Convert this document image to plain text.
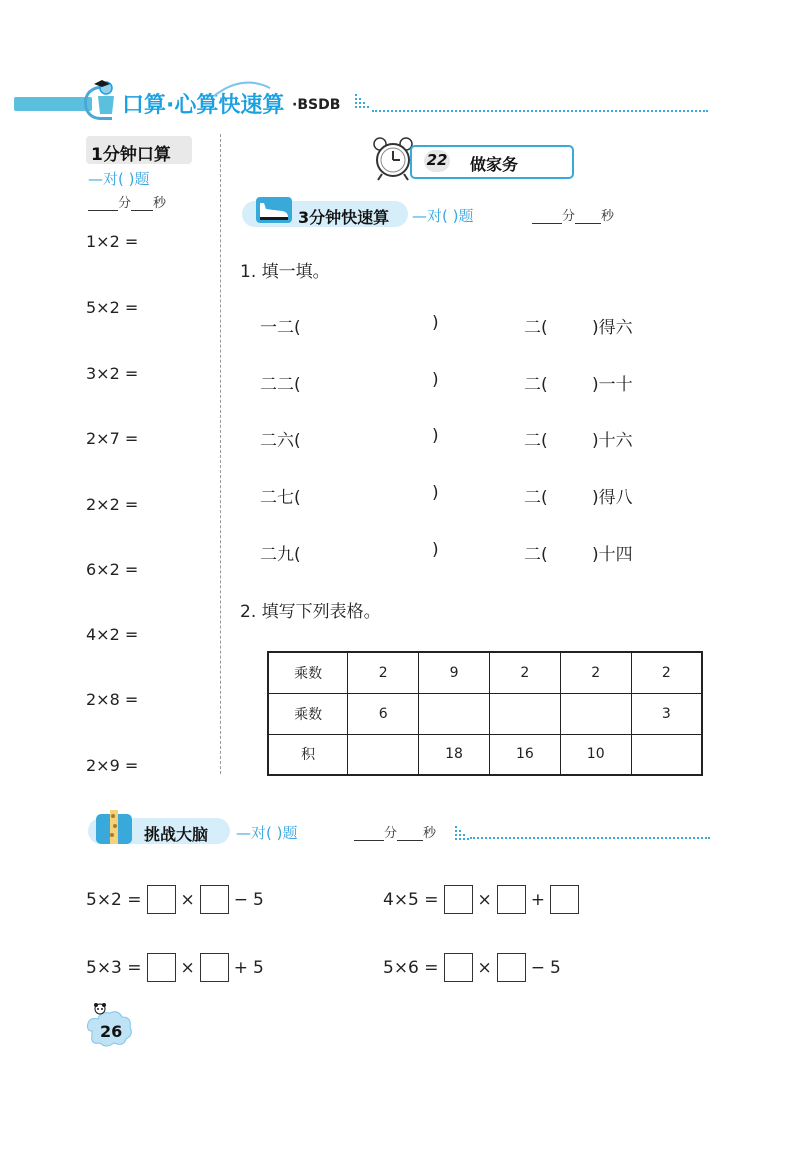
口算·心算快速算 ·BSDB
1分钟口算
—对( )题
分 秒
1×2 =
5×2 =
3×2 =
2×7 =
2×2 =
6×2 =
4×2 =
2×8 =
2×9 =
22 做家务
3分钟快速算 —对( )题	分 秒
1. 填一填。
一二(	)	二(	)得六
二二(	)	二(	)一十
二六(	)	二(	)十六
二七(	)	二(	)得八
二九(	)	二(	)十四
2. 填写下列表格。
乘数	2	9	2	2	2
乘数	6				3
积		18	16	10	
挑战大脑 —对( )题	分 秒
5×2 = × − 5	4×5 = × +
5×3 = × + 5	5×6 = × − 5
26
